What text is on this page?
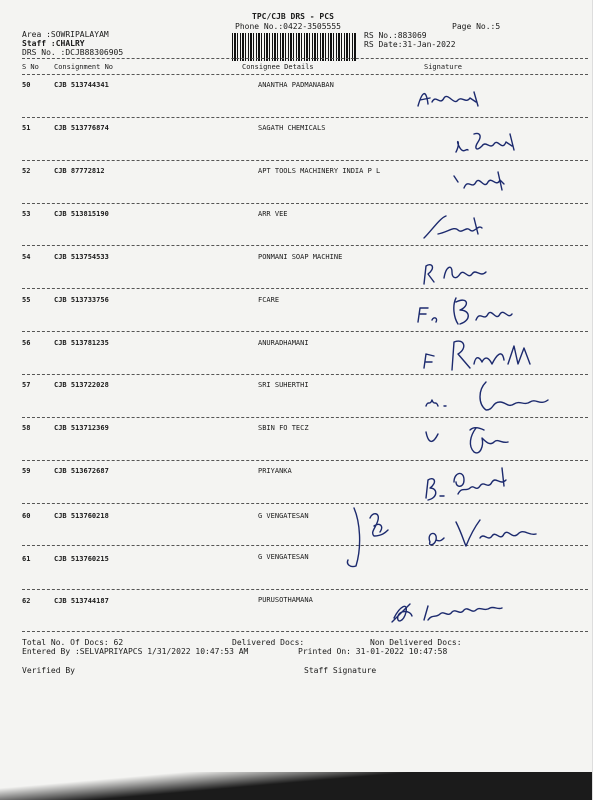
TPC/CJB DRS - PCS
Phone No.:0422-3505555	Page No.:5
Area :SOWRIPALAYAM
Staff :CHALRY
DRS No. :DCJB88306905
RS No.:883069
RS Date:31-Jan-2022
S No Consignment No	Consignee Details	Signature
50	CJB 513744341	ANANTHA PADMANABAN
51	CJB 513776874	SAGATH CHEMICALS
52	CJB 87772812	APT TOOLS MACHINERY INDIA P L
53	CJB 513815190	ARR VEE
54	CJB 513754533	PONMANI SOAP MACHINE
55	CJB 513733756	FCARE
56	CJB 513781235	ANURADHAMANI
57	CJB 513722028	SRI SUHERTHI
58	CJB 513712369	SBIN FO TECZ
59	CJB 513672687	PRIYANKA
60	CJB 513760218	G VENGATESAN
61	CJB 513760215	G VENGATESAN
62	CJB 513744187	PURUSOTHAMANA
Total No. Of Docs: 62	Delivered Docs:	Non Delivered Docs:
Entered By :SELVAPRIYAPCS 1/31/2022 10:47:53 AM	Printed On: 31-01-2022 10:47:58
Verified By	Staff Signature
